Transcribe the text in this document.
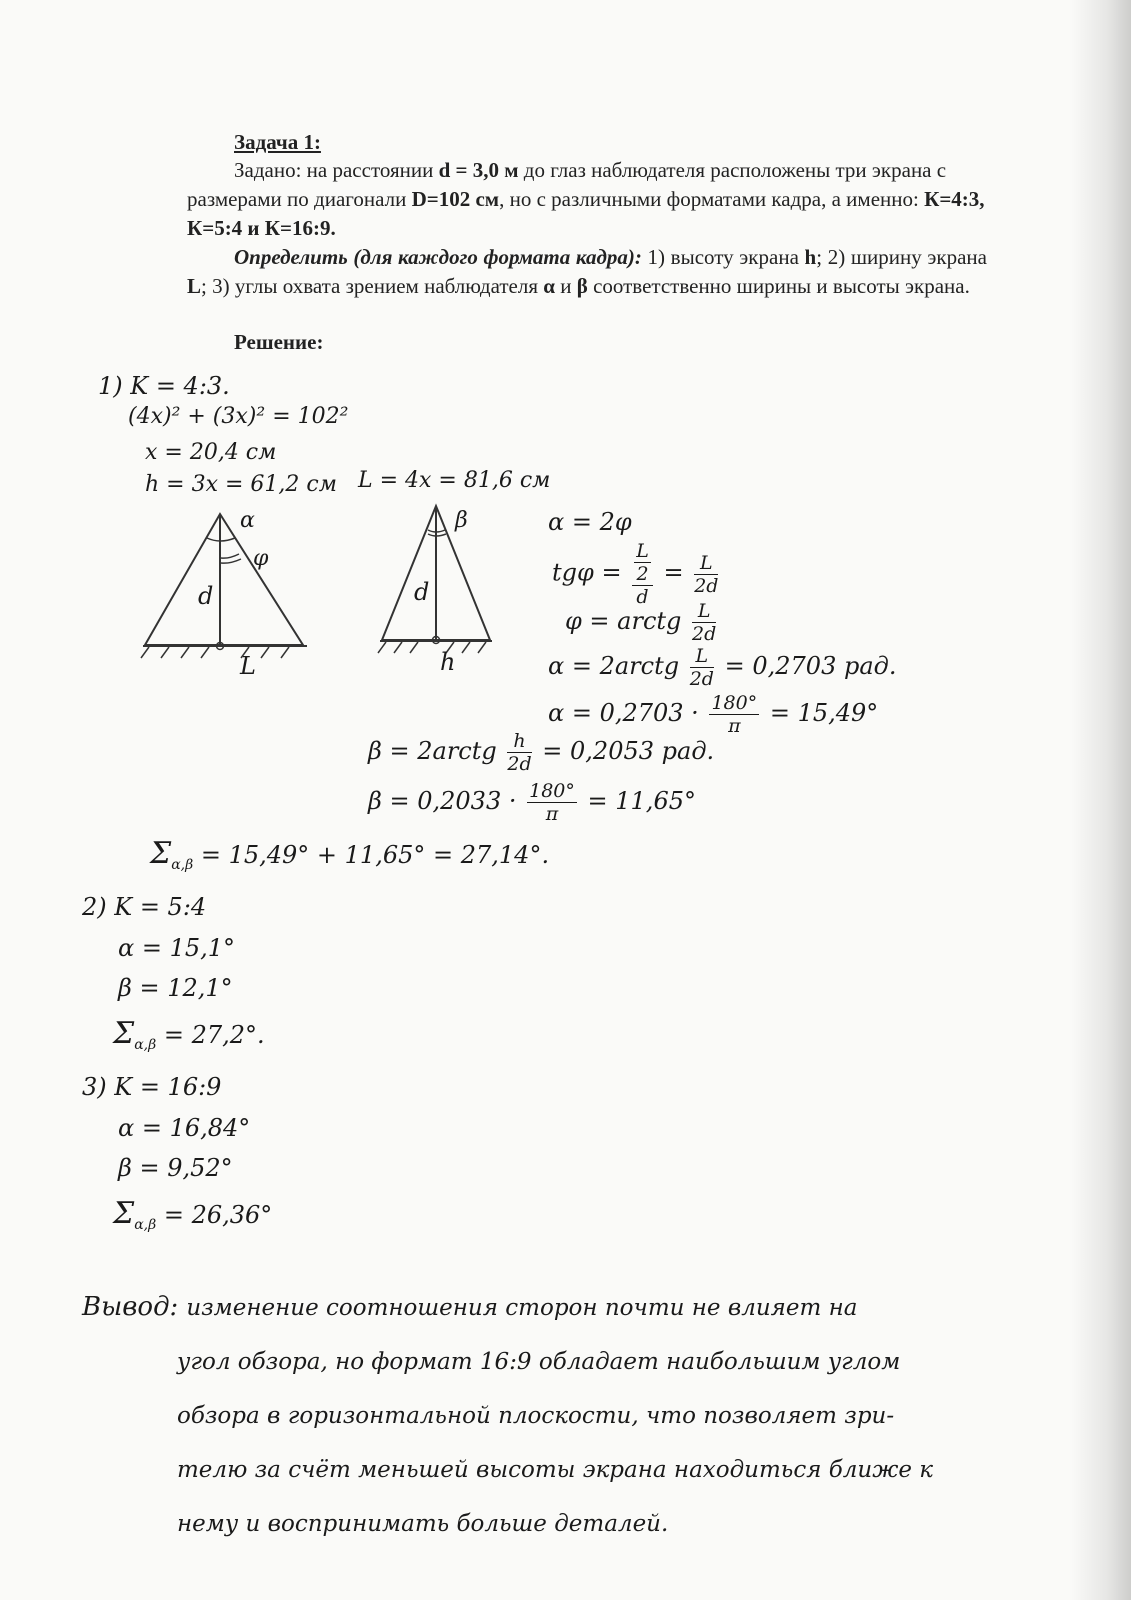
Задача 1:
Задано: на расстоянии d = 3,0 м до глаз наблюдателя расположены три экрана с размерами по диагонали D=102 см, но с различными форматами кадра, а именно: К=4:3, К=5:4 и К=16:9.
Определить (для каждого формата кадра): 1) высоту экрана h; 2) ширину экрана L; 3) углы охвата зрением наблюдателя α и β соответственно ширины и высоты экрана.
Решение:
1) K = 4:3.
(4x)² + (3x)² = 102²
x = 20,4 см
h = 3x = 61,2 см L = 4x = 81,6 см
α
φ
d
L
β
d
h
α = 2φ
$tg\varphi = \frac{\frac{L}{2}}{d} = \frac{L}{2d}$
φ = arctg $\frac{L}{2d}$
α = 2arctg $\frac{L}{2d} = 0,2703$ рад.
$\alpha = 0,2703 \cdot \frac{180^\circ}{\pi} = 15,49^\circ$
β = 2arctg $\frac{h}{2d} = 0,2053$ рад.
$\beta = 0,2033 \cdot \frac{180^\circ}{\pi} = 11,65^\circ$
$\Sigma_{\alpha,\beta} = 15,49^\circ + 11,65^\circ = 27,14^\circ$.
2) K = 5:4
α = 15,1°
β = 12,1°
$\Sigma_{\alpha,\beta} = 27,2^\circ$.
3) K = 16:9
α = 16,84°
β = 9,52°
$\Sigma_{\alpha,\beta} = 26,36^\circ$
Вывод: изменение соотношения сторон почти не влияет на
угол обзора, но формат 16:9 обладает наибольшим углом
обзора в горизонтальной плоскости, что позволяет зри-
телю за счёт меньшей высоты экрана находиться ближе к
нему и воспринимать больше деталей.
